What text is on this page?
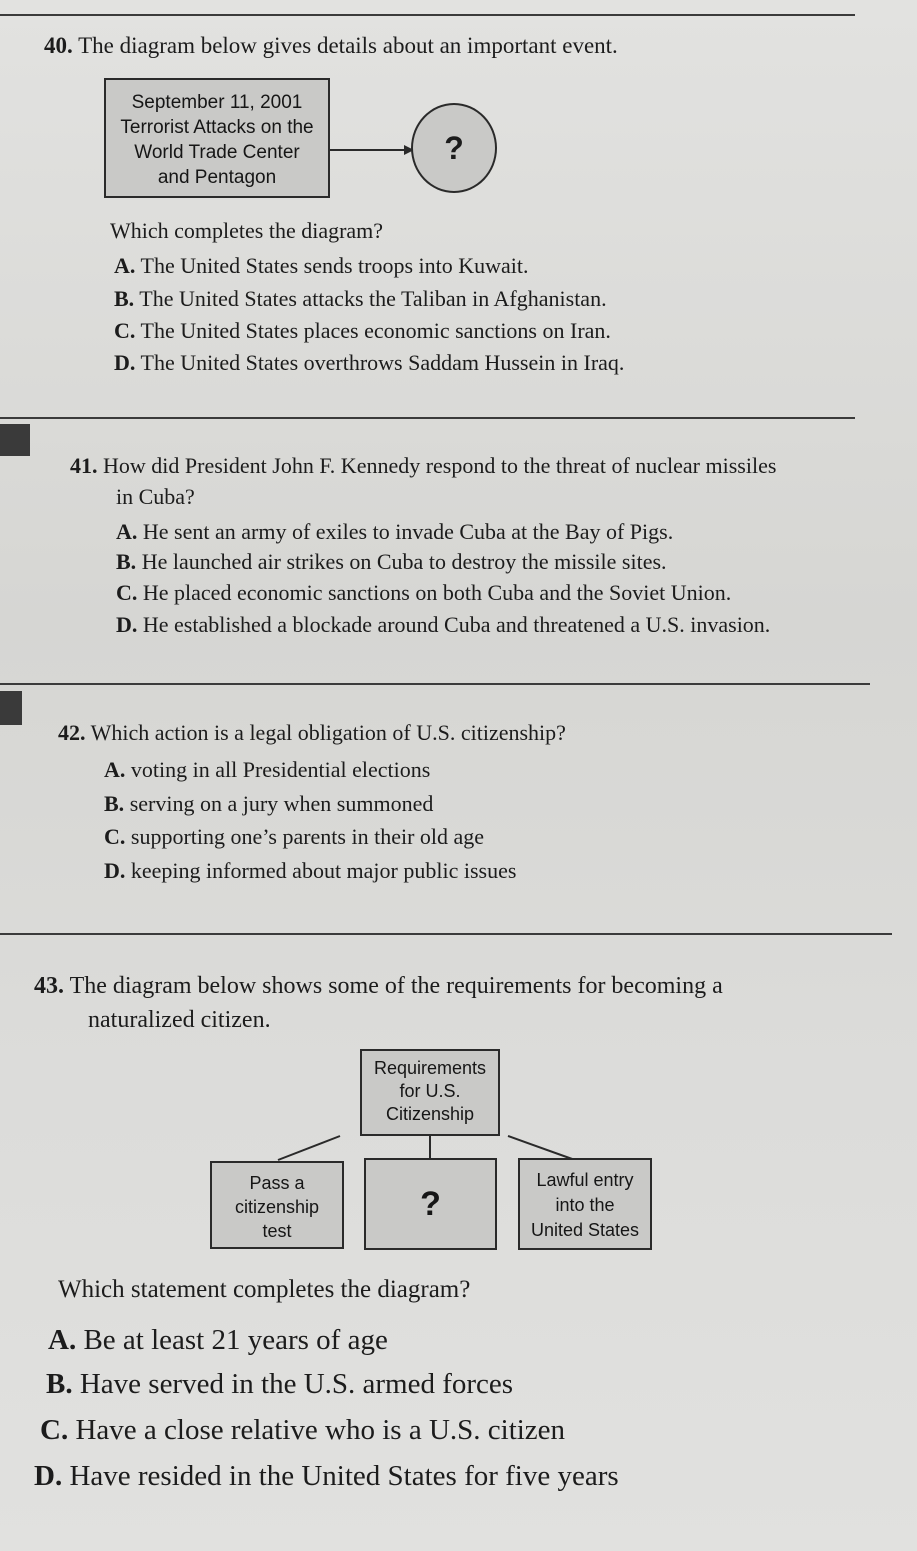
40. The diagram below gives details about an important event.
September 11, 2001
Terrorist Attacks on the
World Trade Center
and Pentagon
?
Which completes the diagram?
A. The United States sends troops into Kuwait.
B. The United States attacks the Taliban in Afghanistan.
C. The United States places economic sanctions on Iran.
D. The United States overthrows Saddam Hussein in Iraq.
41. How did President John F. Kennedy respond to the threat of nuclear missiles
in Cuba?
A. He sent an army of exiles to invade Cuba at the Bay of Pigs.
B. He launched air strikes on Cuba to destroy the missile sites.
C. He placed economic sanctions on both Cuba and the Soviet Union.
D. He established a blockade around Cuba and threatened a U.S. invasion.
42. Which action is a legal obligation of U.S. citizenship?
A. voting in all Presidential elections
B. serving on a jury when summoned
C. supporting one’s parents in their old age
D. keeping informed about major public issues
43. The diagram below shows some of the requirements for becoming a
naturalized citizen.
Requirements
for U.S.
Citizenship
Pass a
citizenship
test
?
Lawful entry
into the
United States
Which statement completes the diagram?
A. Be at least 21 years of age
B. Have served in the U.S. armed forces
C. Have a close relative who is a U.S. citizen
D. Have resided in the United States for five years
